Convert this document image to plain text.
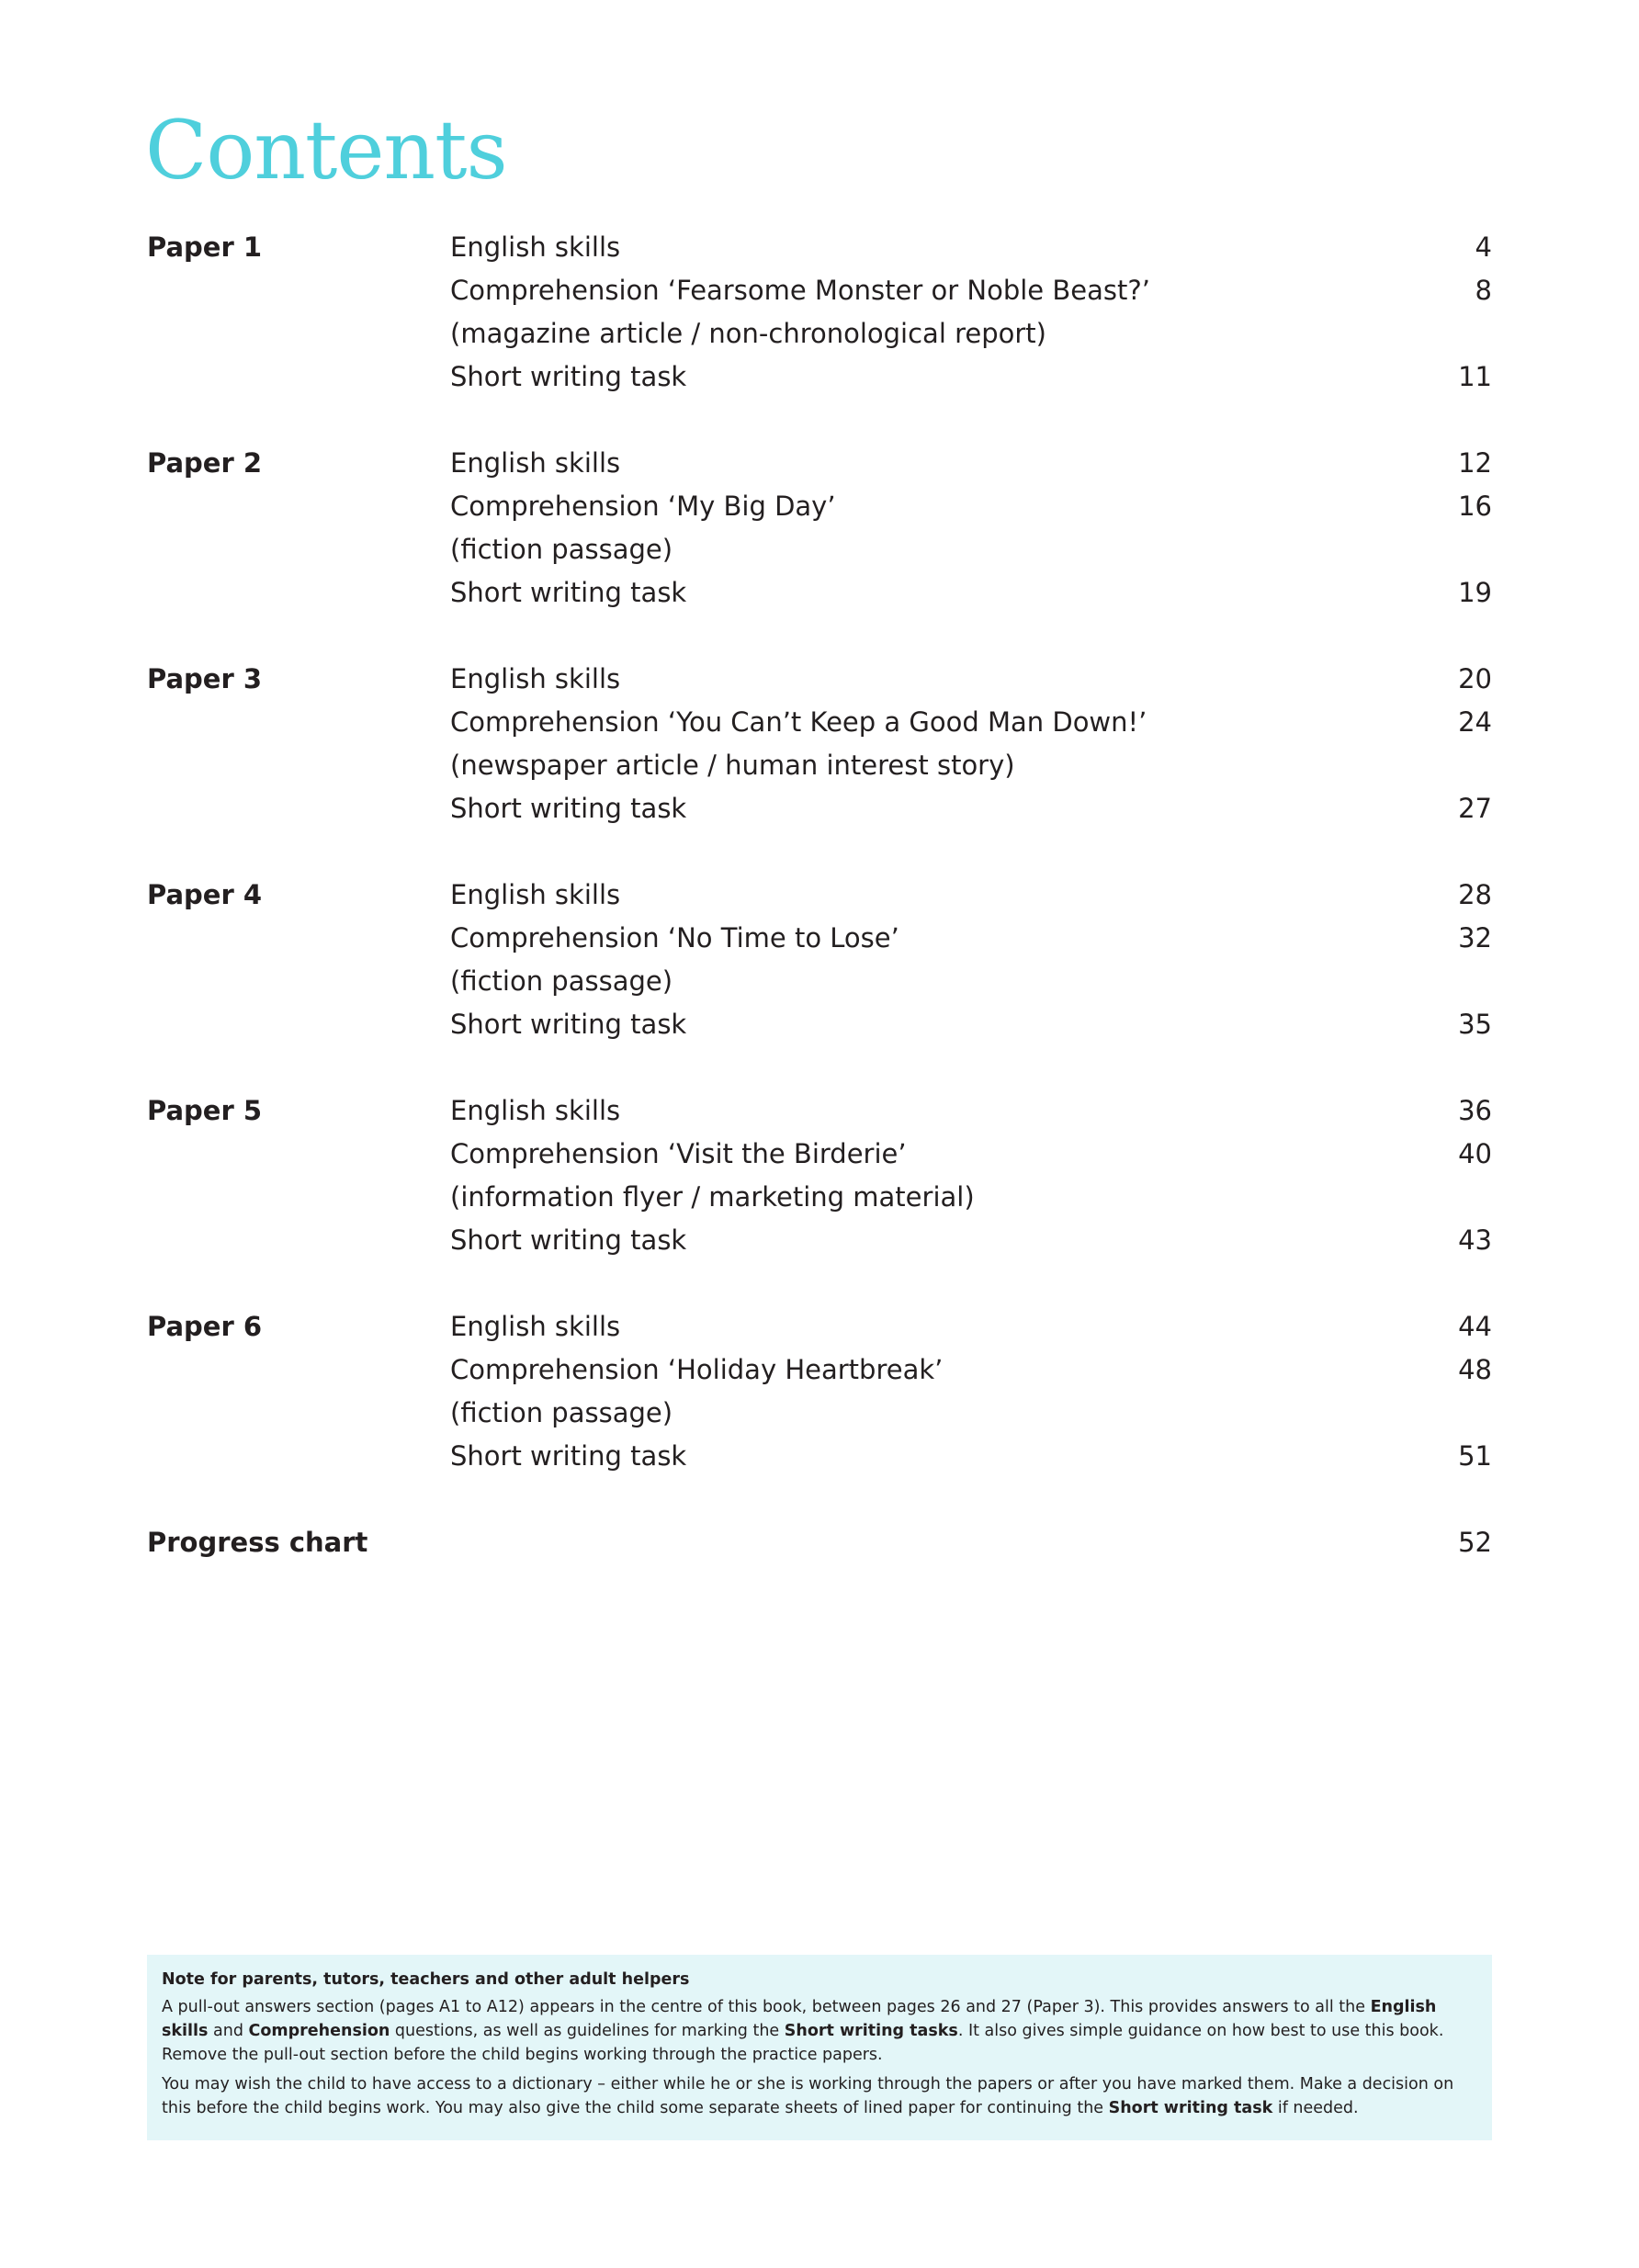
Contents
Paper 1	English skills	4
Comprehension ‘Fearsome Monster or Noble Beast?’	8
(magazine article / non-chronological report)
Short writing task	11
Paper 2	English skills	12
Comprehension ‘My Big Day’	16
(fiction passage)
Short writing task	19
Paper 3	English skills	20
Comprehension ‘You Can’t Keep a Good Man Down!’	24
(newspaper article / human interest story)
Short writing task	27
Paper 4	English skills	28
Comprehension ‘No Time to Lose’	32
(fiction passage)
Short writing task	35
Paper 5	English skills	36
Comprehension ‘Visit the Birderie’	40
(information flyer / marketing material)
Short writing task	43
Paper 6	English skills	44
Comprehension ‘Holiday Heartbreak’	48
(fiction passage)
Short writing task	51
Progress chart	52
Note for parents, tutors, teachers and other adult helpers

A pull-out answers section (pages A1 to A12) appears in the centre of this book, between pages 26 and 27 (Paper 3). This provides answers to all the English skills and Comprehension questions, as well as guidelines for marking the Short writing tasks. It also gives simple guidance on how best to use this book. Remove the pull-out section before the child begins working through the practice papers.

You may wish the child to have access to a dictionary – either while he or she is working through the papers or after you have marked them. Make a decision on this before the child begins work. You may also give the child some separate sheets of lined paper for continuing the Short writing task if needed.
